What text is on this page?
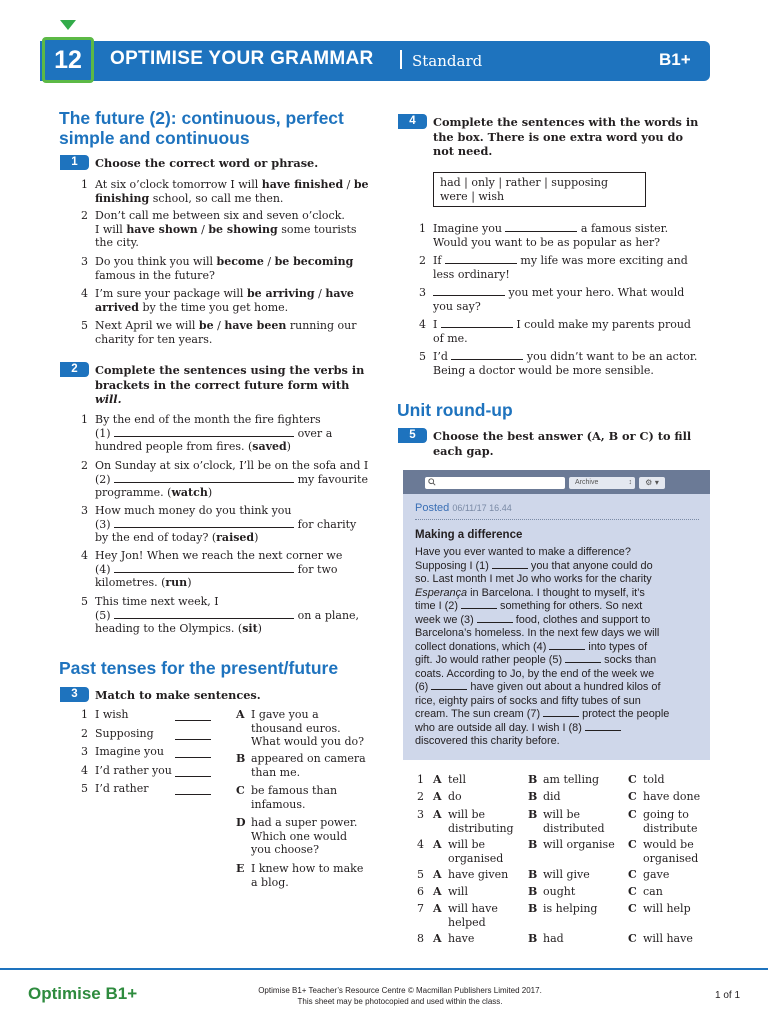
12	OPTIMISE YOUR GRAMMAR	Standard	B1+
The future (2): continuous, perfect
simple and continuous
1	Choose the correct word or phrase.
1 At six o’clock tomorrow I will have finished / be
finishing school, so call me then.
2 Don’t call me between six and seven o’clock.
I will have shown / be showing some tourists
the city.
3 Do you think you will become / be becoming
famous in the future?
4 I’m sure your package will be arriving / have
arrived by the time you get home.
5 Next April we will be / have been running our
charity for ten years.
2	Complete the sentences using the verbs in
brackets in the correct future form with
will.
1 By the end of the month the fire fighters
(1)	over a
hundred people from fires. (saved)
2 On Sunday at six o’clock, I’ll be on the sofa and I
(2)	my favourite
programme. (watch)
3 How much money do you think you
(3)	for charity
by the end of today? (raised)
4 Hey Jon! When we reach the next corner we
(4)	for two
kilometres. (run)
5 This time next week, I
(5)	on a plane,
heading to the Olympics. (sit)
Past tenses for the present/future
3	Match to make sentences.
1 I wish
2 Supposing
3 Imagine you
4 I’d rather you
5 I’d rather
A I gave you a
thousand euros.
What would you do?
B appeared on camera
than me.
C be famous than
infamous.
D had a super power.
Which one would
you choose?
E I knew how to make
a blog.
4	Complete the sentences with the words in
the box. There is one extra word you do
not need.
had | only | rather | supposing
were | wish
1 Imagine you	a famous sister.
Would you want to be as popular as her?
2 If	my life was more exciting and
less ordinary!
3	you met your hero. What would
you say?
4 I	I could make my parents proud
of me.
5 I’d	you didn’t want to be an actor.
Being a doctor would be more sensible.
Unit round-up
5	Choose the best answer (A, B or C) to fill
each gap.
Archive	↕	⚙ ▾
Posted 06/11/17 16.44
Making a difference
Have you ever wanted to make a difference?
Supposing I (1)	you that anyone could do
so. Last month I met Jo who works for the charity
Esperança in Barcelona. I thought to myself, it’s
time I (2)	something for others. So next
week we (3)	food, clothes and support to
Barcelona’s homeless. In the next few days we will
collect donations, which (4)	into types of
gift. Jo would rather people (5)	socks than
coats. According to Jo, by the end of the week we
(6)	have given out about a hundred kilos of
rice, eighty pairs of socks and fifty tubes of sun
cream. The sun cream (7)	protect the people
who are outside all day. I wish I (8)
discovered this charity before.
1 A tell	B am telling	C told
2 A do	B did	C have done
3 A will be
distributing
B will be
distributed
C going to
distribute
4 A will be
organised
B will organise C would be
organised
5 A have given B will give	C gave
6 A will	B ought	C can
7 A will have
helped
B is helping	C will help
8 A have	B had	C will have
Optimise B1+	Optimise B1+ Teacher’s Resource Centre © Macmillan Publishers Limited 2017.
This sheet may be photocopied and used within the class.	1 of 1
